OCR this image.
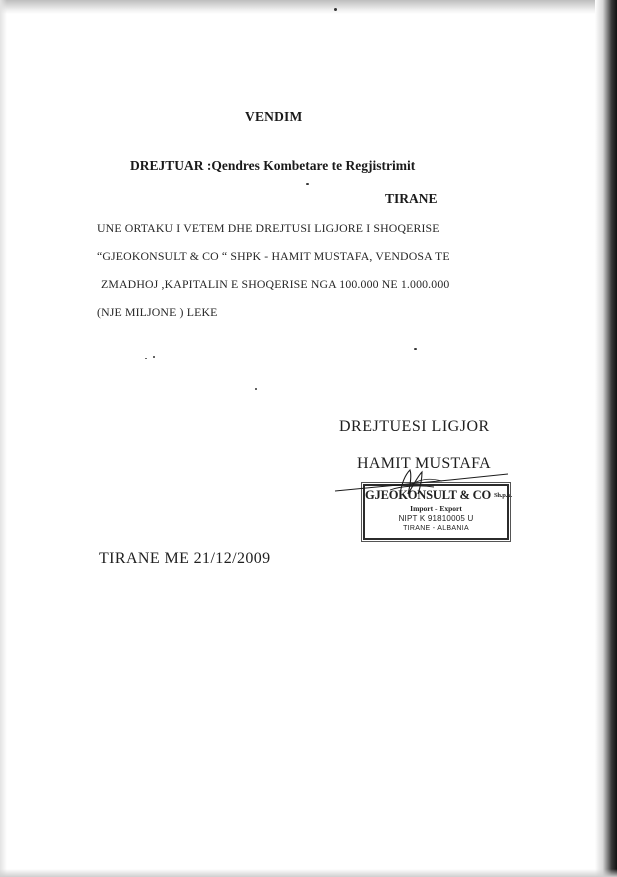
VENDIM
DREJTUAR :Qendres Kombetare te Regjistrimit
TIRANE
UNE ORTAKU I VETEM DHE DREJTUSI LIGJORE I SHOQERISE
“GJEOKONSULT & CO “ SHPK - HAMIT MUSTAFA, VENDOSA TE
ZMADHOJ ,KAPITALIN E SHOQERISE NGA 100.000 NE 1.000.000
(NJE MILJONE ) LEKE
DREJTUESI LIGJOR
HAMIT MUSTAFA
GJEOKONSULT & CO Sh.p.k.
Import - Export
NIPT K 91810005 U
TIRANE - ALBANIA
TIRANE ME 21/12/2009
